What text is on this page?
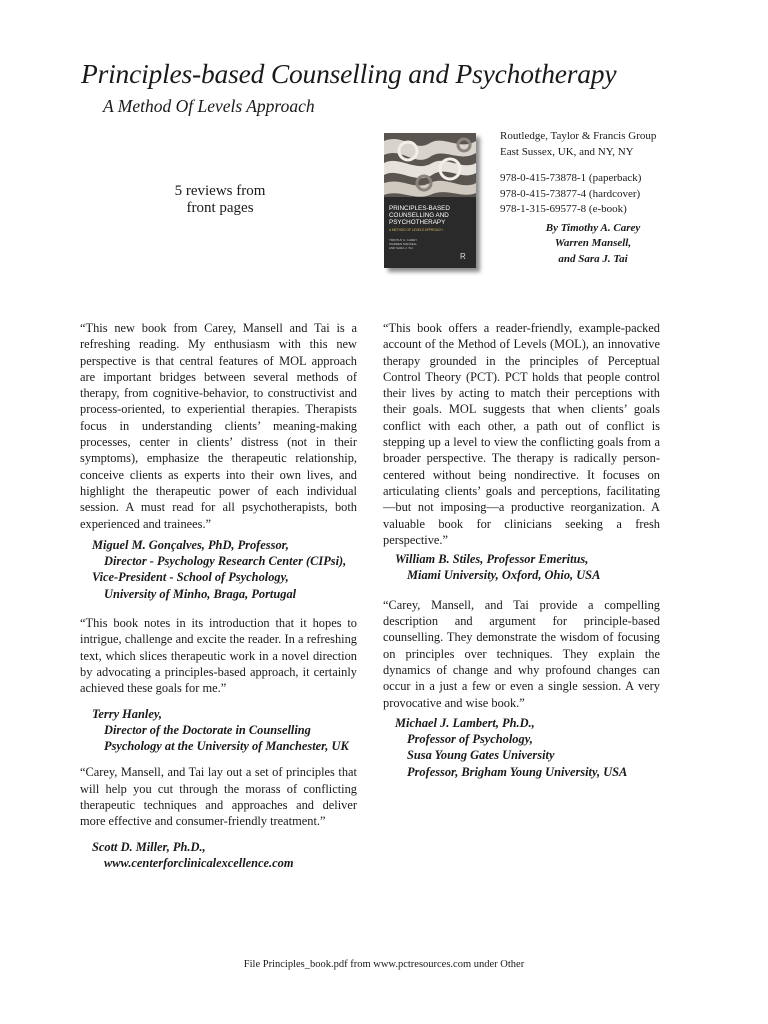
Principles-based Counselling and Psychotherapy
A Method Of Levels Approach
5 reviews from
front pages	PRINCIPLES-BASED
COUNSELLING AND
PSYCHOTHERAPY
A METHOD OF LEVELS APPROACH
TIMOTHY A. CAREY
WARREN MANSELL
AND SARA J. TAI
R
Routledge, Taylor & Francis Group
East Sussex, UK, and NY, NY
978-0-415-73878-1 (paperback)
978-0-415-73877-4 (hardcover)
978-1-315-69577-8 (e-book)
By Timothy A. Carey
Warren Mansell,
and Sara J. Tai

“This new book from Carey, Mansell and Tai is a refreshing reading. My enthusiasm with this new perspective is that central features of MOL approach are important bridges between several methods of therapy, from cognitive-behavior, to constructivist and process-oriented, to experiential therapies. Therapists focus in understanding clients’ meaning-making processes, center in clients’ distress (not in their symptoms), emphasize the therapeutic relationship, conceive clients as experts into their own lives, and highlight the therapeutic power of each individual session. A must read for all psychotherapists, both experienced and trainees.”

Miguel M. Gonçalves, PhD, Professor,
Director - Psychology Research Center (CIPsi),
Vice-President - School of Psychology,
University of Minho, Braga, Portugal

“This book notes in its introduction that it hopes to intrigue, challenge and excite the reader. In a refreshing text, which slices therapeutic work in a novel direction by advocating a principles-based approach, it certainly achieved these goals for me.”

Terry Hanley,
Director of the Doctorate in Counselling
Psychology at the University of Manchester, UK

“Carey, Mansell, and Tai lay out a set of principles that will help you cut through the morass of conflicting therapeutic techniques and approaches and deliver more effective and consumer-friendly treatment.”

Scott D. Miller, Ph.D.,
www.centerforclinicalexcellence.com

“This book offers a reader-friendly, example-packed account of the Method of Levels (MOL), an innovative therapy grounded in the principles of Perceptual Control Theory (PCT). PCT holds that people control their lives by acting to match their perceptions with their goals. MOL suggests that when clients’ goals conflict with each other, a path out of conflict is stepping up a level to view the conflicting goals from a broader perspective. The therapy is radically person-centered without being nondirective. It focuses on articulating clients’ goals and perceptions, facilitating —but not imposing—a productive reorganization. A valuable book for clinicians seeking a fresh perspective.”

William B. Stiles, Professor Emeritus,
Miami University, Oxford, Ohio, USA

“Carey, Mansell, and Tai provide a compelling description and argument for principle-based counselling. They demonstrate the wisdom of focusing on principles over techniques. They explain the dynamics of change and why profound changes can occur in a just a few or even a single session. A very provocative and wise book.”

Michael J. Lambert, Ph.D.,
Professor of Psychology,
Susa Young Gates University
Professor, Brigham Young University, USA

File Principles_book.pdf from www.pctresources.com under Other
